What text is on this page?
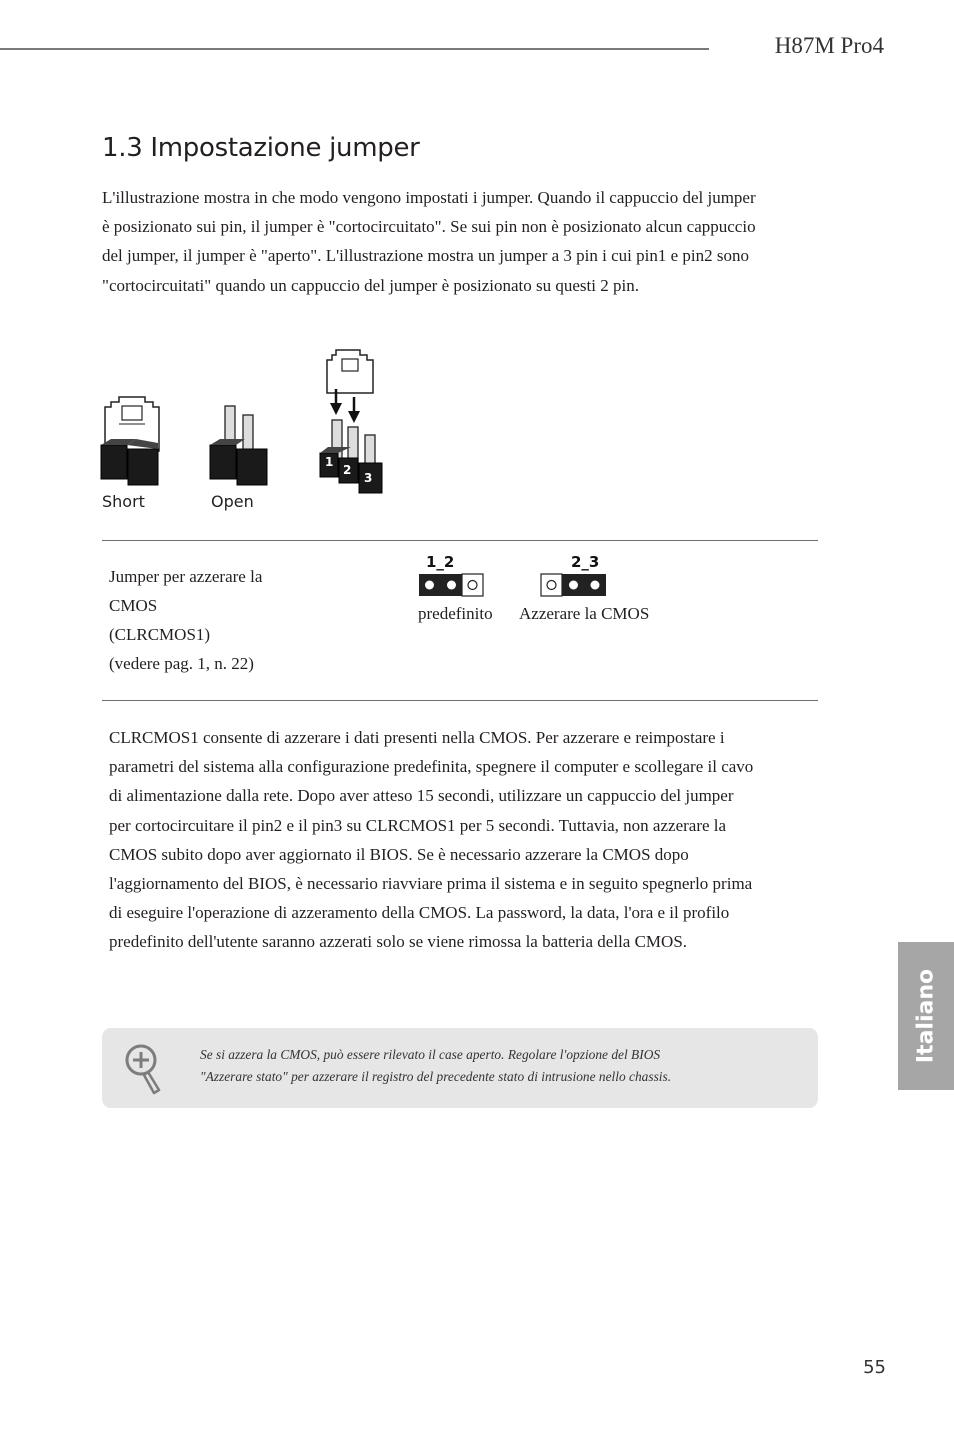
H87M Pro4
1.3 Impostazione jumper
L'illustrazione mostra in che modo vengono impostati i jumper. Quando il cappuccio del jumper è posizionato sui pin, il jumper è "cortocircuitato". Se sui pin non è posizionato alcun cappuccio del jumper, il jumper è "aperto". L'illustrazione mostra un jumper a 3 pin i cui pin1 e pin2 sono "cortocircuitati" quando un cappuccio del jumper è posizionato su questi 2 pin.
1
2
3
Short	Open
Jumper per azzerare la
CMOS
(CLRCMOS1)
(vedere pag. 1, n. 22)
1_2
predefinito
2_3
Azzerare la CMOS
CLRCMOS1 consente di azzerare i dati presenti nella CMOS. Per azzerare e reimpostare i parametri del sistema alla configurazione predefinita, spegnere il computer e scollegare il cavo di alimentazione dalla rete. Dopo aver atteso 15 secondi, utilizzare un cappuccio del jumper per cortocircuitare il pin2 e il pin3 su CLRCMOS1 per 5 secondi. Tuttavia, non azzerare la CMOS subito dopo aver aggiornato il BIOS. Se è necessario azzerare la CMOS dopo l'aggiornamento del BIOS, è necessario riavviare prima il sistema e in seguito spegnerlo prima di eseguire l'operazione di azzeramento della CMOS. La password, la data, l'ora e il profilo predefinito dell'utente saranno azzerati solo se viene rimossa la batteria della CMOS.
Se si azzera la CMOS, può essere rilevato il case aperto. Regolare l'opzione del BIOS
"Azzerare stato" per azzerare il registro del precedente stato di intrusione nello chassis.
Italiano
55
